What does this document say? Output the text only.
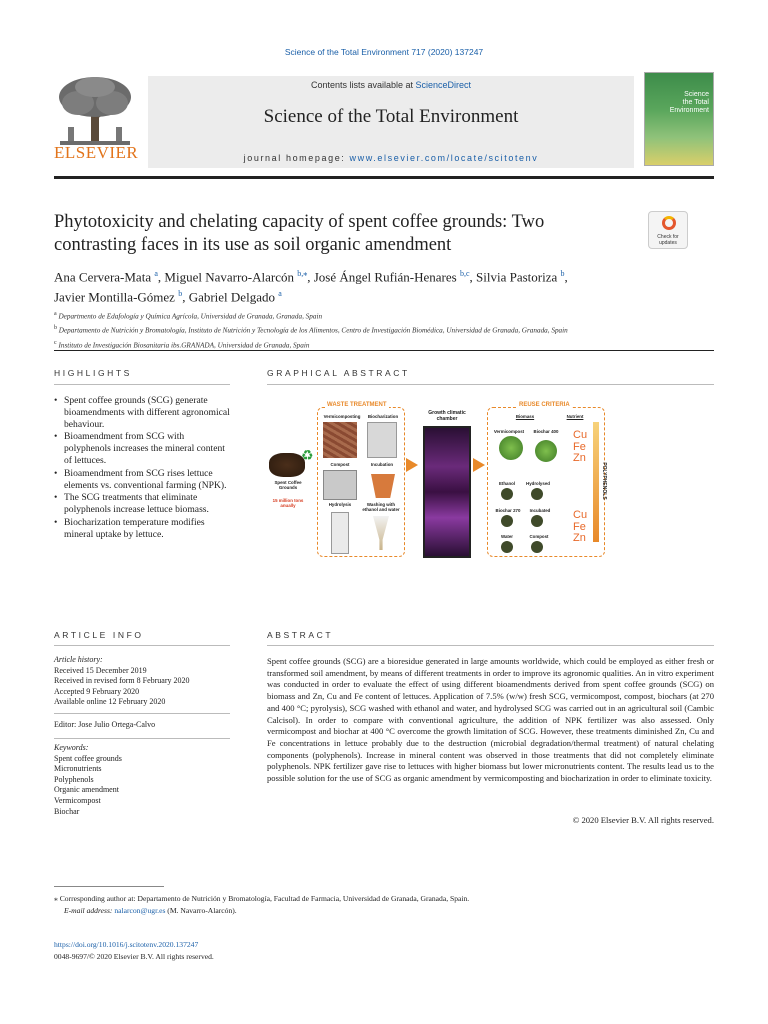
Science of the Total Environment 717 (2020) 137247
ELSEVIER
Contents lists available at ScienceDirect
Science of the Total Environment
journal homepage: www.elsevier.com/locate/scitotenv
Science
the Total Environment
Phytotoxicity and chelating capacity of spent coffee grounds: Two contrasting faces in its use as soil organic amendment	Check for updates
Ana Cervera-Mata $^a$, Miguel Navarro-Alarcón $^{b,⁎}$, José Ángel Rufián-Henares $^{b,c}$, Silvia Pastoriza $^b$,
Javier Montilla-Gómez $^b$, Gabriel Delgado $^a$
$^a$ Departmento de Edafología y Química Agrícola, Universidad de Granada, Granada, Spain
$^b$ Departamento de Nutrición y Bromatología, Instituto de Nutrición y Tecnología de los Alimentos, Centro de Investigación Biomédica, Universidad de Granada, Granada, Spain
$^c$ Instituto de Investigación Biosanitaria ibs.GRANADA, Universidad de Granada, Spain
HIGHLIGHTS	GRAPHICAL ABSTRACT
• Spent coffee grounds (SCG) generate bioamendments with different agronomical behaviour.
• Bioamendment from SCG with polyphenols increases the mineral content of lettuces.
• Bioamendment from SCG rises lettuce elements vs. conventional farming (NPK).
• The SCG treatments that eliminate polyphenols increase lettuce biomass.
• Biocharization temperature modifies mineral uptake by lettuce.
WASTE TREATMENT	REUSE CRITERIA
Spent Coffee Grounds
15 million tons anually
♻
Vermicomposting	Biocharization
Compost	Incubation
Hydrolysis	Washing with ethanol and water
Growth climatic chamber	Biomass	Nutrient
Vermicompost	Biochar 400 Cu
Fe
Zn
Ethanol	Hydrolysed
Biochar 270	Incubated	Cu
Fe
Zn
Water	Compost
POLYPHENOLS
ARTICLE INFO	ABSTRACT
Article history:
Received 15 December 2019
Received in revised form 8 February 2020
Accepted 9 February 2020
Available online 12 February 2020
Editor: Jose Julio Ortega-Calvo
Keywords:
Spent coffee grounds
Micronutrients
Polyphenols
Organic amendment
Vermicompost
Biochar
Spent coffee grounds (SCG) are a bioresidue generated in large amounts worldwide, which could be employed as either fresh or transformed soil amendment, by means of different treatments in order to improve its agronomic qualities. An in vitro experiment was conducted in order to evaluate the effect of using different bioamendments derived from spent coffee grounds (SCG) on biomass and Zn, Cu and Fe content of lettuces. Application of 7.5% (w/w) fresh SCG, vermicompost, compost, biochars (at 270 and 400 °C; pyrolysis), SCG washed with ethanol and water, and hydrolysed SCG was carried out in an agricultural soil (Cambic Calcisol). In order to compare with conventional agriculture, the addition of NPK fertilizer was also assessed. Only vermicompost and biochar at 400 °C overcome the growth limitation of SCG. However, these treatments diminished Zn, Cu and Fe concentrations in lettuce probably due to the destruction (microbial degradation/thermal treatment) of natural chelating components (polyphenols). Increase in mineral content was observed in those treatments that did not completely eliminate polyphenols. NPK fertilizer gave rise to lettuces with higher biomass but lower micronutrients content. The results lead us to the possible solution for the use of SCG as organic amendment by vermicomposting and biocharization in order to eliminate toxicity.
© 2020 Elsevier B.V. All rights reserved.
⁎ Corresponding author at: Departamento de Nutrición y Bromatología, Facultad de Farmacia, Universidad de Granada, Granada, Spain.
E-mail address: nalarcon@ugr.es (M. Navarro-Alarcón).
https://doi.org/10.1016/j.scitotenv.2020.137247
0048-9697/© 2020 Elsevier B.V. All rights reserved.
